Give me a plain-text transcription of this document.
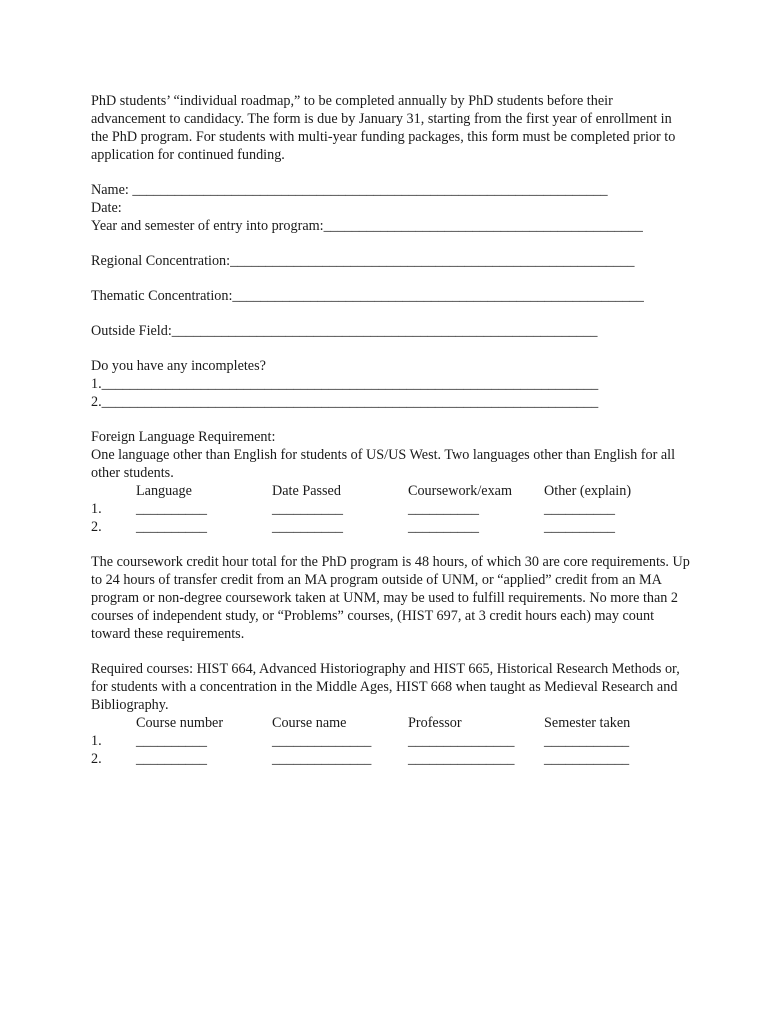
PhD students’ “individual roadmap,” to be completed annually by PhD students before their advancement to candidacy. The form is due by January 31, starting from the first year of enrollment in the PhD program. For students with multi-year funding packages, this form must be completed prior to application for continued funding.

Name: ___________________________________________________________________
Date:
Year and semester of entry into program:_____________________________________________
Regional Concentration:_________________________________________________________
Thematic Concentration:__________________________________________________________
Outside Field:____________________________________________________________
Do you have any incompletes?
1.______________________________________________________________________
2.______________________________________________________________________
Foreign Language Requirement:

One language other than English for students of US/US West. Two languages other than English for all other students.

Language	Date Passed	Coursework/exam	Other (explain)
1.	__________	__________	__________	__________
2.	__________	__________	__________	__________

The coursework credit hour total for the PhD program is 48 hours, of which 30 are core requirements. Up to 24 hours of transfer credit from an MA program outside of UNM, or “applied” credit from an MA program or non-degree coursework taken at UNM, may be used to fulfill requirements. No more than 2 courses of independent study, or “Problems” courses, (HIST 697, at 3 credit hours each) may count toward these requirements.

Required courses: HIST 664, Advanced Historiography and HIST 665, Historical Research Methods or, for students with a concentration in the Middle Ages, HIST 668 when taught as Medieval Research and Bibliography.

Course number	Course name	Professor	Semester taken
1.	__________	______________	_______________	____________
2.	__________	______________	_______________	____________
